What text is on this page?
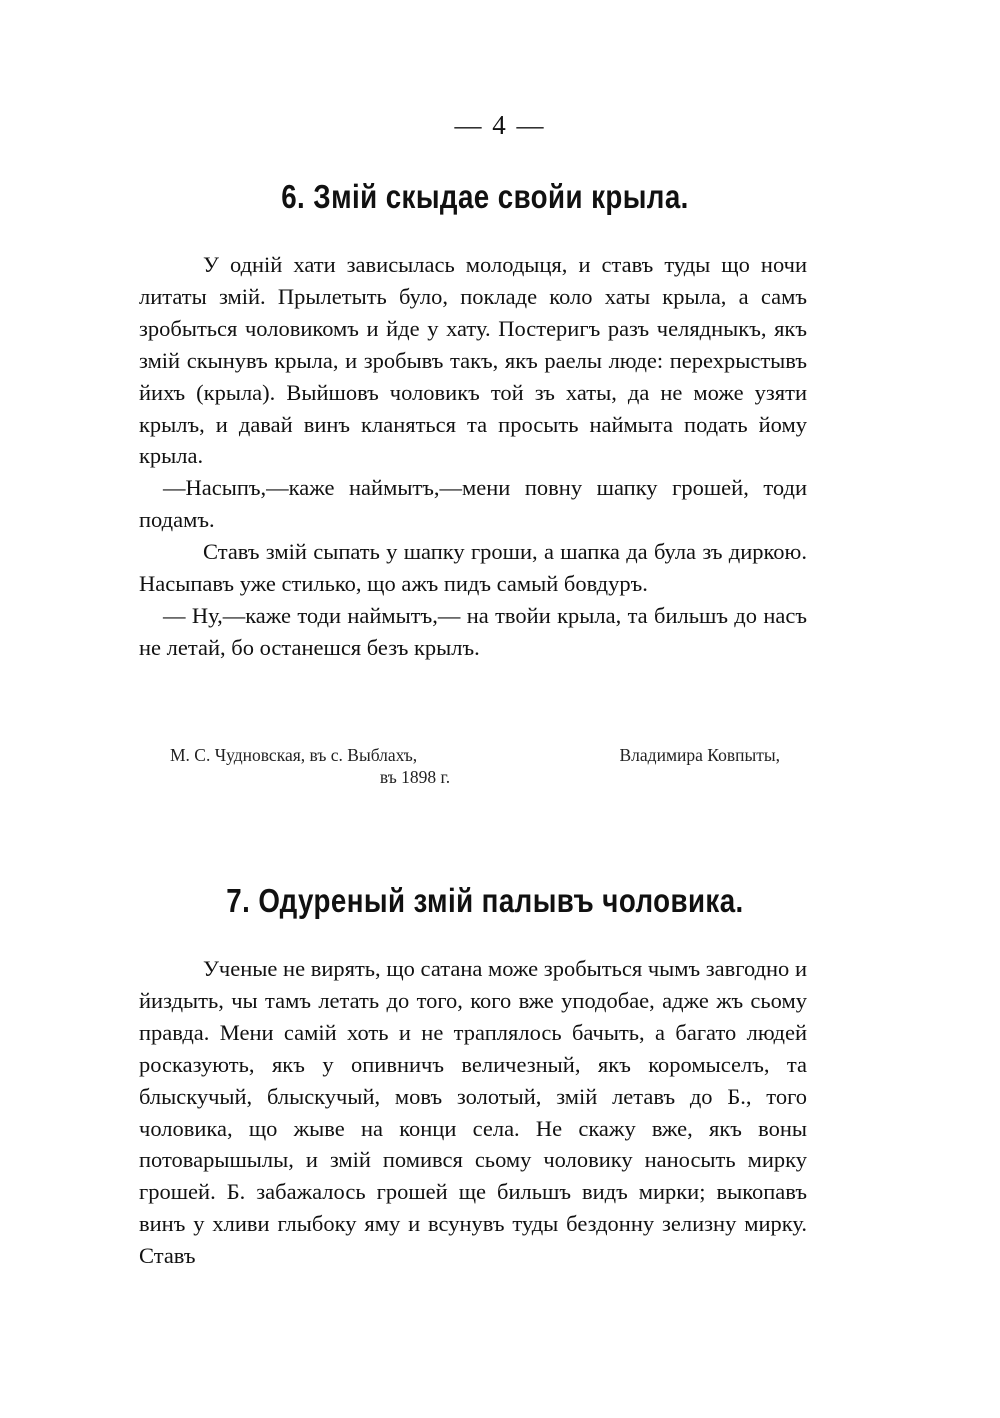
— 4 —
6. Змій скыдае свойи крыла.

У одній хати зависылась молодыця, и ставъ туды що ночи литаты змій. Прылетыть було, покладе коло хаты крыла, а самъ зробыться чоловикомъ и йде у хату. Постеригъ разъ челядныкъ, якъ змій скынувъ крыла, и зробывъ такъ, якъ раелы люде: перехрыстывъ йихъ (крыла). Выйшовъ чоловикъ той зъ хаты, да не може узяти крылъ, и давай винъ кланяться та просыть наймыта подать йому крыла.

—Насыпъ,—каже наймытъ,—мени повну шапку грошей, тоди подамъ.

Ставъ змій сыпать у шапку гроши, а шапка да була зъ диркою. Насыпавъ уже стилько, що ажъ пидъ самый бовдуръ.

— Ну,—каже тоди наймытъ,— на твойи крыла, та бильшъ до насъ не летай, бо останешся безъ крылъ.

М. С. Чудновская, въ с. Выблахъ,	Владимира Ковпыты,
въ 1898 г.
7. Одуреный змій палывъ чоловика.

Ученые не вирять, що сатана може зробыться чымъ завгодно и йиздыть, чы тамъ летать до того, кого вже уподобае, адже жъ сьому правда. Мени самій хоть и не траплялось бачыть, а багато людей росказують, якъ у опивничъ величезный, якъ коромыселъ, та блыскучый, блыскучый, мовъ золотый, змій летавъ до Б., того чоловика, що жыве на конци села. Не скажу вже, якъ воны потоварышылы, и змій помився сьому чоловику наносыть мирку грошей. Б. забажалось грошей ще бильшъ видъ мирки; выкопавъ винъ у хливи глыбоку яму и всунувъ туды бездонну зелизну мирку. Ставъ
